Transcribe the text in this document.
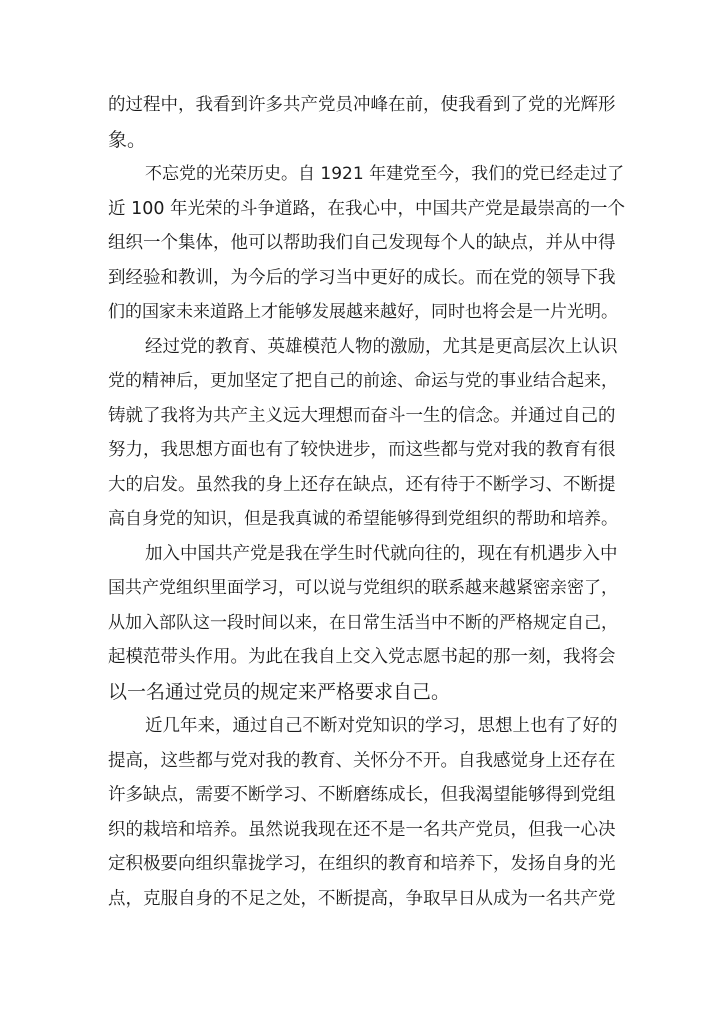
的过程中，我看到许多共产党员冲峰在前，使我看到了党的光辉形
象。
不忘党的光荣历史。自 1921 年建党至今，我们的党已经走过了
近 100 年光荣的斗争道路，在我心中，中国共产党是最崇高的一个
组织一个集体，他可以帮助我们自己发现每个人的缺点，并从中得
到经验和教训，为今后的学习当中更好的成长。而在党的领导下我
们的国家未来道路上才能够发展越来越好，同时也将会是一片光明。
经过党的教育、英雄模范人物的激励，尤其是更高层次上认识
党的精神后，更加坚定了把自己的前途、命运与党的事业结合起来，
铸就了我将为共产主义远大理想而奋斗一生的信念。并通过自己的
努力，我思想方面也有了较快进步，而这些都与党对我的教育有很
大的启发。虽然我的身上还存在缺点，还有待于不断学习、不断提
高自身党的知识，但是我真诚的希望能够得到党组织的帮助和培养。
加入中国共产党是我在学生时代就向往的，现在有机遇步入中
国共产党组织里面学习，可以说与党组织的联系越来越紧密亲密了，
从加入部队这一段时间以来，在日常生活当中不断的严格规定自己，
起模范带头作用。为此在我自上交入党志愿书起的那一刻，我将会
以一名通过党员的规定来严格要求自己。
近几年来，通过自己不断对党知识的学习，思想上也有了好的
提高，这些都与党对我的教育、关怀分不开。自我感觉身上还存在
许多缺点，需要不断学习、不断磨练成长，但我渴望能够得到党组
织的栽培和培养。虽然说我现在还不是一名共产党员，但我一心决
定积极要向组织靠拢学习，在组织的教育和培养下，发扬自身的光
点，克服自身的不足之处，不断提高，争取早日从成为一名共产党
